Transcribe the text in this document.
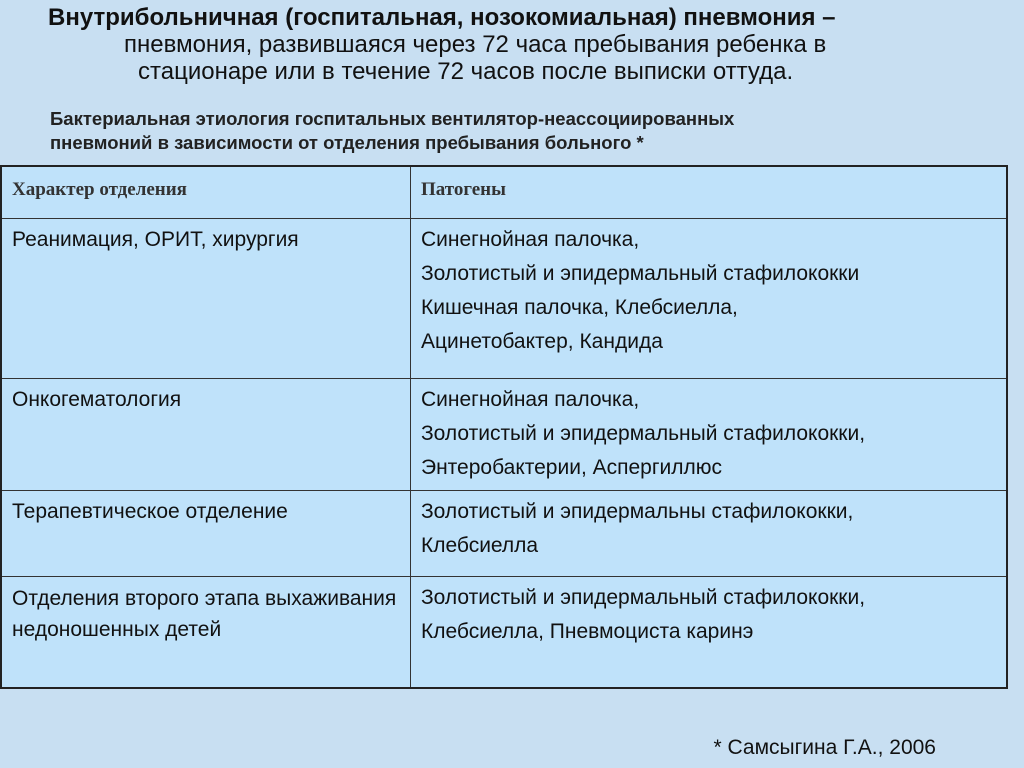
Внутрибольничная (госпитальная, нозокомиальная) пневмония –
пневмония, развившаяся через 72 часа пребывания ребенка в
стационаре или в течение 72 часов после выписки оттуда.
Бактериальная этиология госпитальных вентилятор-неассоциированных
пневмоний в зависимости от отделения пребывания больного *
Характер отделения	Патогены
Реанимация, ОРИТ, хирургия	Синегнойная палочка,
Золотистый и эпидермальный стафилококки
Кишечная палочка, Клебсиелла,
Ацинетобактер, Кандида

Онкогематология	Синегнойная палочка,
Золотистый и эпидермальный стафилококки,
Энтеробактерии, Аспергиллюс

Терапевтическое отделение	Золотистый и эпидермальны стафилококки,
Клебсиелла

Отделения второго этапа выхаживания недоношенных детей	Золотистый и эпидермальный стафилококки,
Клебсиелла, Пневмоциста каринэ
* Самсыгина Г.А., 2006
